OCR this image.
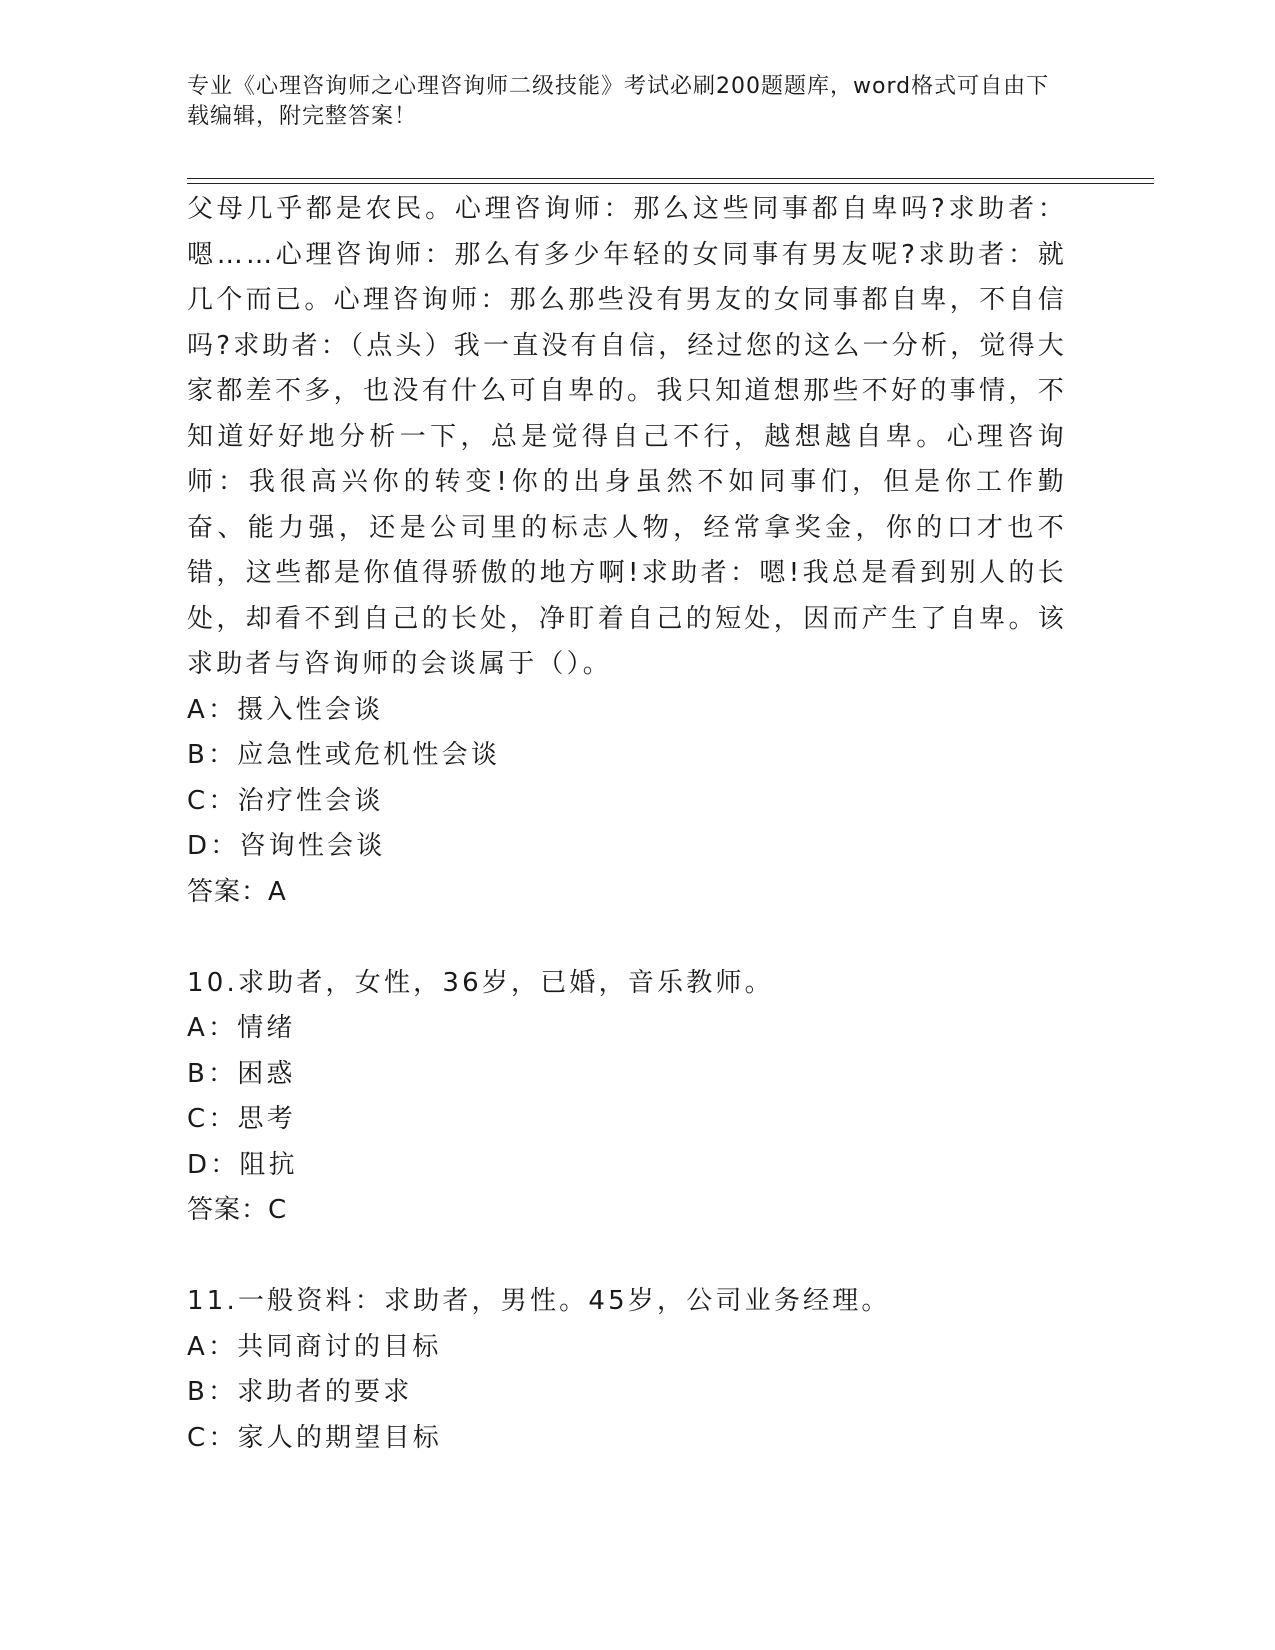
专业《心理咨询师之心理咨询师二级技能》考试必刷200题题库，word格式可自由下载编辑，附完整答案！

父母几乎都是农民。心理咨询师：那么这些同事都自卑吗?求助者：嗯……心理咨询师：那么有多少年轻的女同事有男友呢?求助者：就几个而已。心理咨询师：那么那些没有男友的女同事都自卑，不自信吗?求助者：（点头）我一直没有自信，经过您的这么一分析，觉得大家都差不多，也没有什么可自卑的。我只知道想那些不好的事情，不知道好好地分析一下，总是觉得自己不行，越想越自卑。心理咨询师：我很高兴你的转变!你的出身虽然不如同事们，但是你工作勤奋、能力强，还是公司里的标志人物，经常拿奖金，你的口才也不错，这些都是你值得骄傲的地方啊!求助者：嗯!我总是看到别人的长处，却看不到自己的长处，净盯着自己的短处，因而产生了自卑。该求助者与咨询师的会谈属于（）。

A：摄入性会谈

B：应急性或危机性会谈

C：治疗性会谈

D：咨询性会谈

答案：A

10.求助者，女性，36岁，已婚，音乐教师。

A：情绪

B：困惑

C：思考

D：阻抗

答案：C

11.一般资料：求助者，男性。45岁，公司业务经理。

A：共同商讨的目标

B：求助者的要求

C：家人的期望目标
